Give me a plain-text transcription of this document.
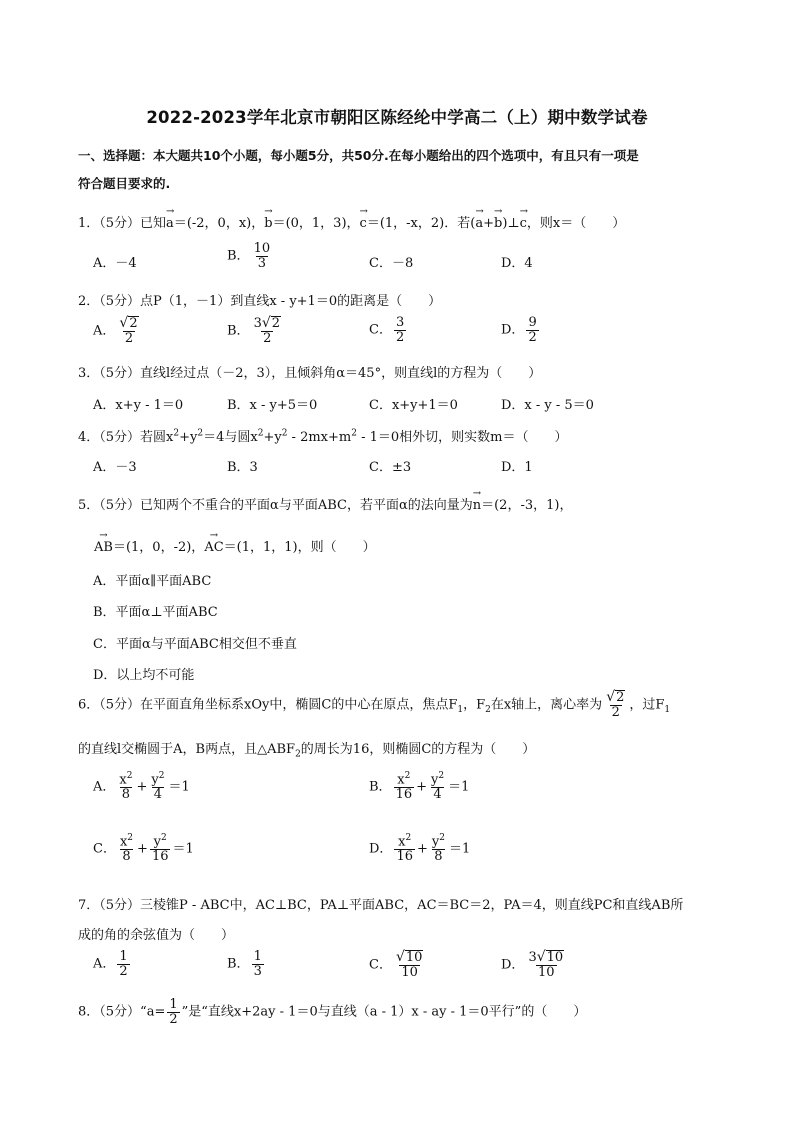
2022-2023学年北京市朝阳区陈经纶中学高二（上）期中数学试卷
一、选择题：本大题共10个小题，每小题5分，共50分.在每小题给出的四个选项中，有且只有一项是
符合题目要求的.
1．（5分）已知→ a＝(-2，0，x)，→ b＝(0，1，3)，→ c＝(1，-x，2)．若(→ a+→ b)⊥→ c，则x＝（　　）
A．－4	B． $\frac{10}{3}$	C．－8	D．4
2．（5分）点P（1，－1）到直线x - y+1＝0的距离是（　　）
A． $\frac{√ 2}{2}$	B． $\frac{3 √ 2}{2}$	C． $\frac{3}{2}$	D． $\frac{9}{2}$
3．（5分）直线l经过点（－2，3），且倾斜角α＝45°，则直线l的方程为（　　）
A．x+y - 1＝0	B．x - y+5＝0	C．x+y+1＝0	D．x - y - 5＝0
4．（5分）若圆$x^2+y^2=4$与圆$x^2+y^2 - 2mx+m^2 - 1=0$相外切，则实数m＝（　　）
A．－3	B．3	C．±3	D．1
5．（5分）已知两个不重合的平面α与平面ABC，若平面α的法向量为→ n＝(2，-3，1)，
→ AB＝(1，0，-2)，→ AC＝(1，1，1)，则（　　）
A．平面α∥平面ABC
B．平面α⊥平面ABC
C．平面α与平面ABC相交但不垂直
D．以上均不可能
6．（5分）在平面直角坐标系xOy中，椭圆C的中心在原点，焦点$F_1$，$F_2$在x轴上，离心率为 $\frac{√ 2}{2}$ ，过$F_1$
的直线l交椭圆于A，B两点，且$\triangle ABF_2$的周长为16，则椭圆C的方程为（　　）
A． $\frac{x^2}{8} + \frac{y^2}{4} =1$	B． $\frac{x^2}{16} + \frac{y^2}{4} =1$
C． $\frac{x^2}{8} + \frac{y^2}{16} =1$	D． $\frac{x^2}{16} + \frac{y^2}{8} =1$
7．（5分）三棱锥P - ABC中，AC⊥BC，PA⊥平面ABC，AC＝BC＝2，PA＝4，则直线PC和直线AB所
成的角的余弦值为（　　）
A． $\frac{1}{2}$	B． $\frac{1}{3}$	C． $\frac{√ 10}{10}$	D． $\frac{3 √ 10}{10}$
8．（5分）“a= $\frac{1}{2}$ ”是“直线x+2ay - 1＝0与直线（a - 1）x - ay - 1＝0平行”的（　　）
